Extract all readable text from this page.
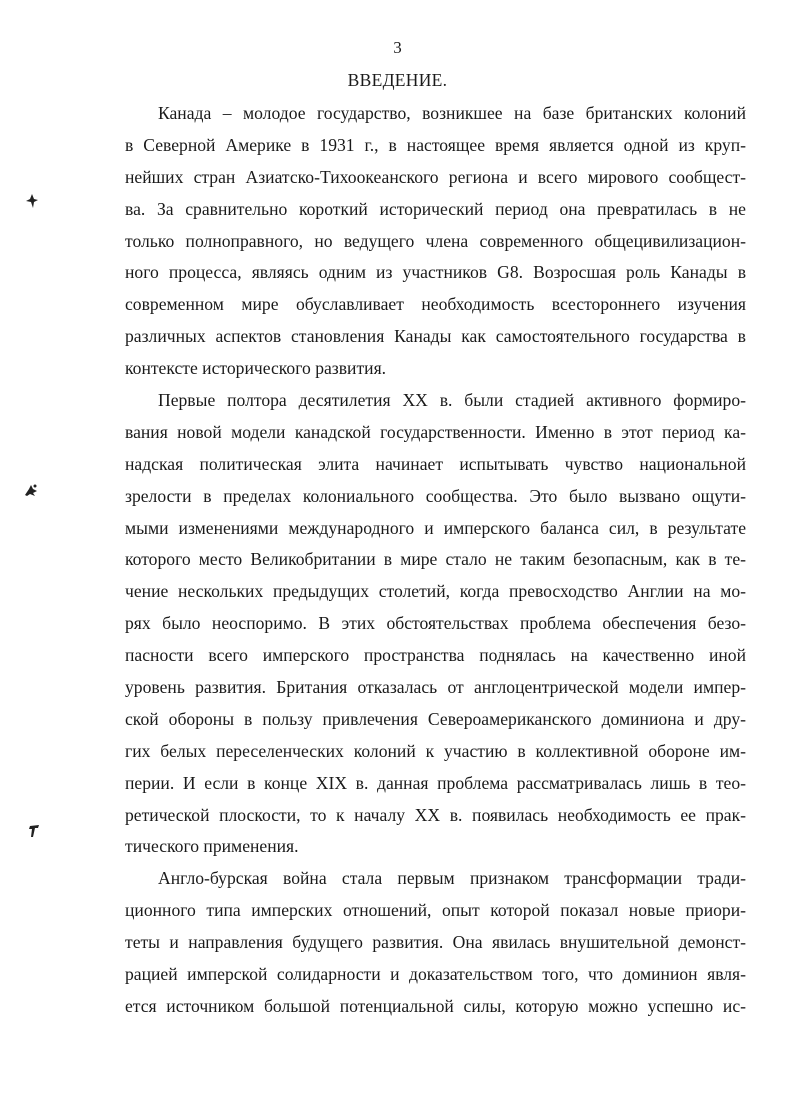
3
ВВЕДЕНИЕ.
Канада – молодое государство, возникшее на базе британских колоний
в Северной Америке в 1931 г., в настоящее время является одной из круп-
нейших стран Азиатско-Тихоокеанского региона и всего мирового сообщест-
ва. За сравнительно короткий исторический период она превратилась в не
только полноправного, но ведущего члена современного общецивилизацион-
ного процесса, являясь одним из участников G8. Возросшая роль Канады в
современном мире обуславливает необходимость всестороннего изучения
различных аспектов становления Канады как самостоятельного государства в
контексте исторического развития.
Первые полтора десятилетия XX в. были стадией активного формиро-
вания новой модели канадской государственности. Именно в этот период ка-
надская политическая элита начинает испытывать чувство национальной
зрелости в пределах колониального сообщества. Это было вызвано ощути-
мыми изменениями международного и имперского баланса сил, в результате
которого место Великобритании в мире стало не таким безопасным, как в те-
чение нескольких предыдущих столетий, когда превосходство Англии на мо-
рях было неоспоримо. В этих обстоятельствах проблема обеспечения безо-
пасности всего имперского пространства поднялась на качественно иной
уровень развития. Британия отказалась от англоцентрической модели импер-
ской обороны в пользу привлечения Североамериканского доминиона и дру-
гих белых переселенческих колоний к участию в коллективной обороне им-
перии. И если в конце XIX в. данная проблема рассматривалась лишь в тео-
ретической плоскости, то к началу XX в. появилась необходимость ее прак-
тического применения.
Англо-бурская война стала первым признаком трансформации тради-
ционного типа имперских отношений, опыт которой показал новые приори-
теты и направления будущего развития. Она явилась внушительной демонст-
рацией имперской солидарности и доказательством того, что доминион явля-
ется источником большой потенциальной силы, которую можно успешно ис-
